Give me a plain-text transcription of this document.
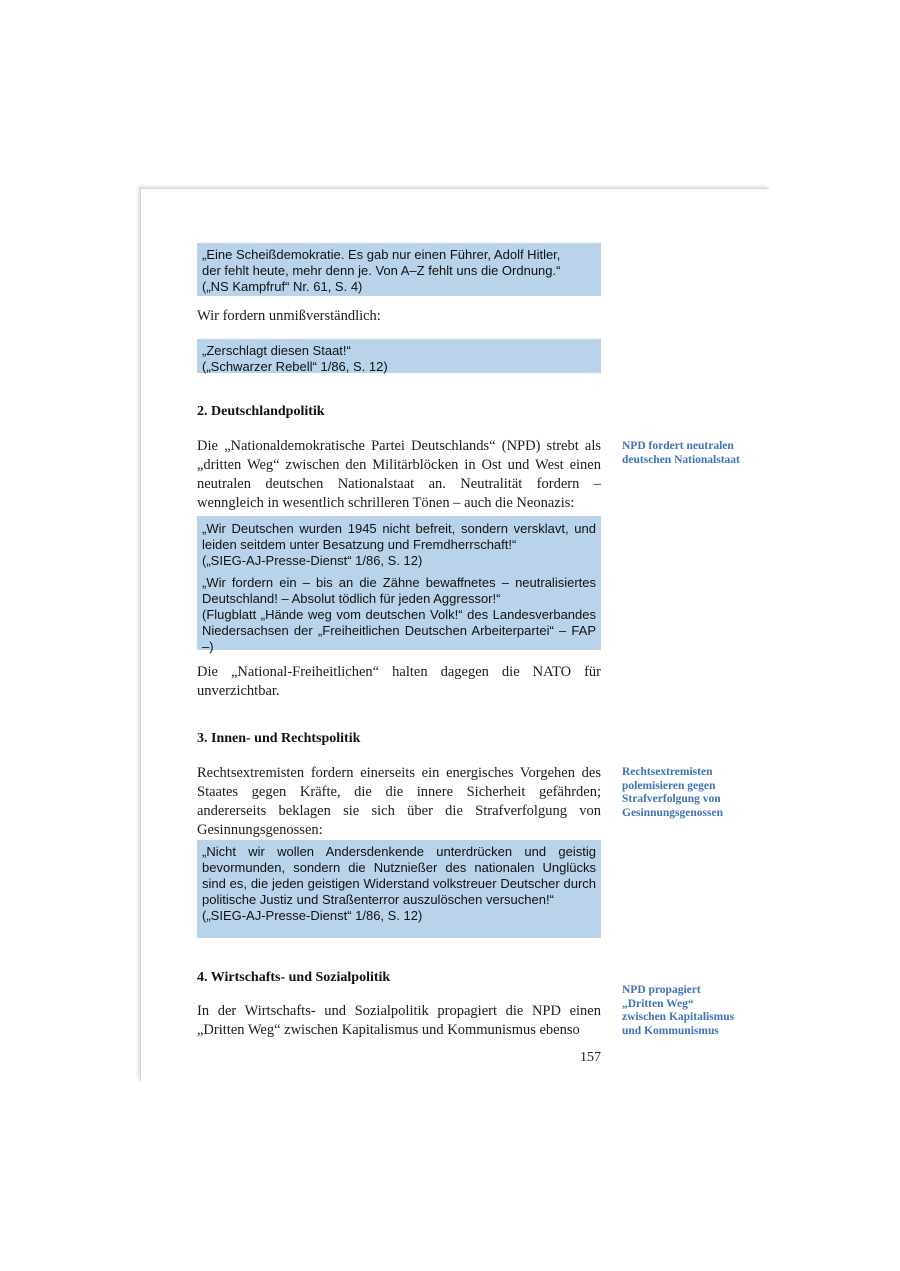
„Eine Scheißdemokratie. Es gab nur einen Führer, Adolf Hitler,

der fehlt heute, mehr denn je. Von A–Z fehlt uns die Ordnung.“

(„NS Kampfruf“ Nr. 61, S. 4)

Wir fordern unmißverständlich:

„Zerschlagt diesen Staat!“

(„Schwarzer Rebell“ 1/86, S. 12)

2. Deutschlandpolitik

Die „Nationaldemokratische Partei Deutschlands“ (NPD) strebt als „dritten Weg“ zwischen den Militärblöcken in Ost und West einen neutralen deutschen Nationalstaat an. Neutralität fordern – wenngleich in wesentlich schrilleren Tönen – auch die Neonazis:

NPD fordert neutralen deutschen Nationalstaat

„Wir Deutschen wurden 1945 nicht befreit, sondern versklavt, und leiden seitdem unter Besatzung und Fremdherrschaft!“

(„SIEG-AJ-Presse-Dienst“ 1/86, S. 12)

„Wir fordern ein – bis an die Zähne bewaffnetes – neutralisiertes Deutschland! – Absolut tödlich für jeden Aggressor!“

(Flugblatt „Hände weg vom deutschen Volk!“ des Landesverbandes Niedersachsen der „Freiheitlichen Deutschen Arbeiterpartei“ – FAP –)

Die „National-Freiheitlichen“ halten dagegen die NATO für unverzichtbar.

3. Innen- und Rechtspolitik

Rechtsextremisten fordern einerseits ein energisches Vorgehen des Staates gegen Kräfte, die die innere Sicherheit gefährden; andererseits beklagen sie sich über die Strafverfolgung von Gesinnungsgenossen:

Rechtsextremisten polemisieren gegen Strafverfolgung von Gesinnungsgenossen

„Nicht wir wollen Andersdenkende unterdrücken und geistig bevormunden, sondern die Nutznießer des nationalen Unglücks sind es, die jeden geistigen Widerstand volkstreuer Deutscher durch politische Justiz und Straßenterror auszulöschen versuchen!“

(„SIEG-AJ-Presse-Dienst“ 1/86, S. 12)

4. Wirtschafts- und Sozialpolitik

NPD propagiert „Dritten Weg“ zwischen Kapitalismus und Kommunismus

In der Wirtschafts- und Sozialpolitik propagiert die NPD einen „Dritten Weg“ zwischen Kapitalismus und Kommunismus ebenso

157
